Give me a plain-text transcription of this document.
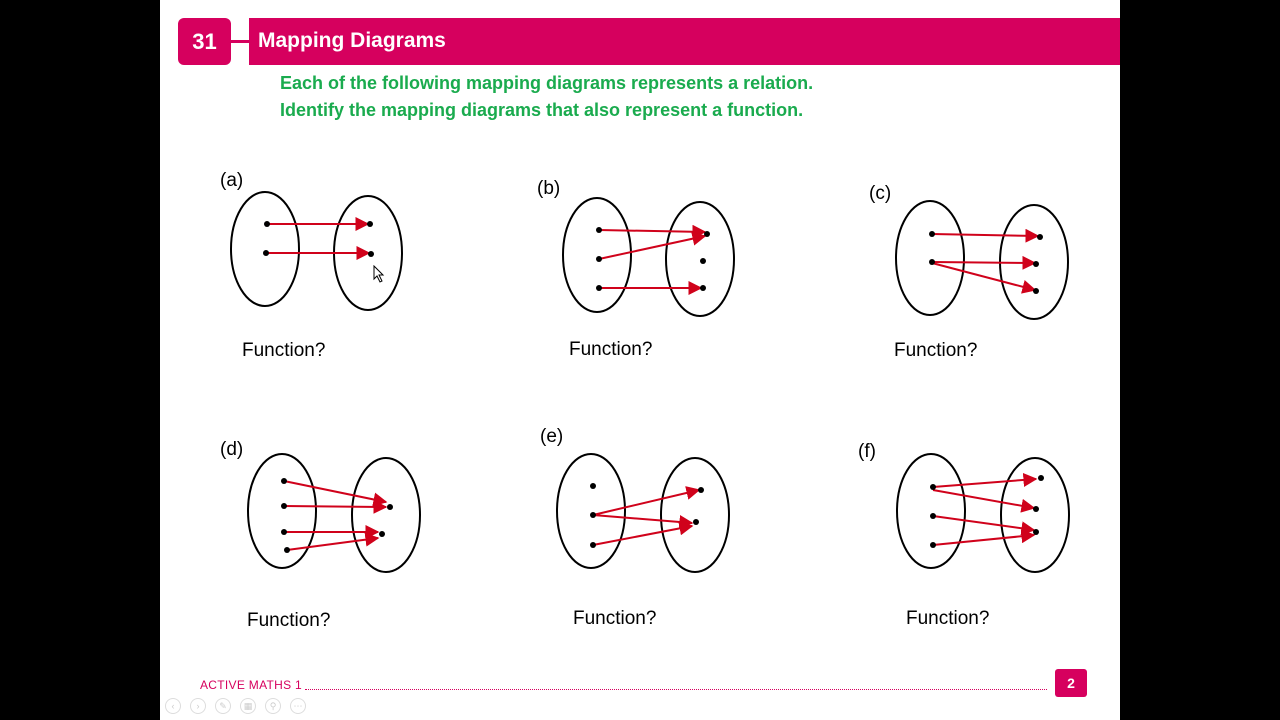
31	Mapping Diagrams
Each of the following mapping diagrams represents a relation.
Identify the mapping diagrams that also represent a function.
(a)
Function?
(b)
Function?
(c)
Function?
(d)
Function?
(e)
Function?
(f)
Function?
ACTIVE MATHS 1	2
‹	›	✎	▦	⚲	⋯
